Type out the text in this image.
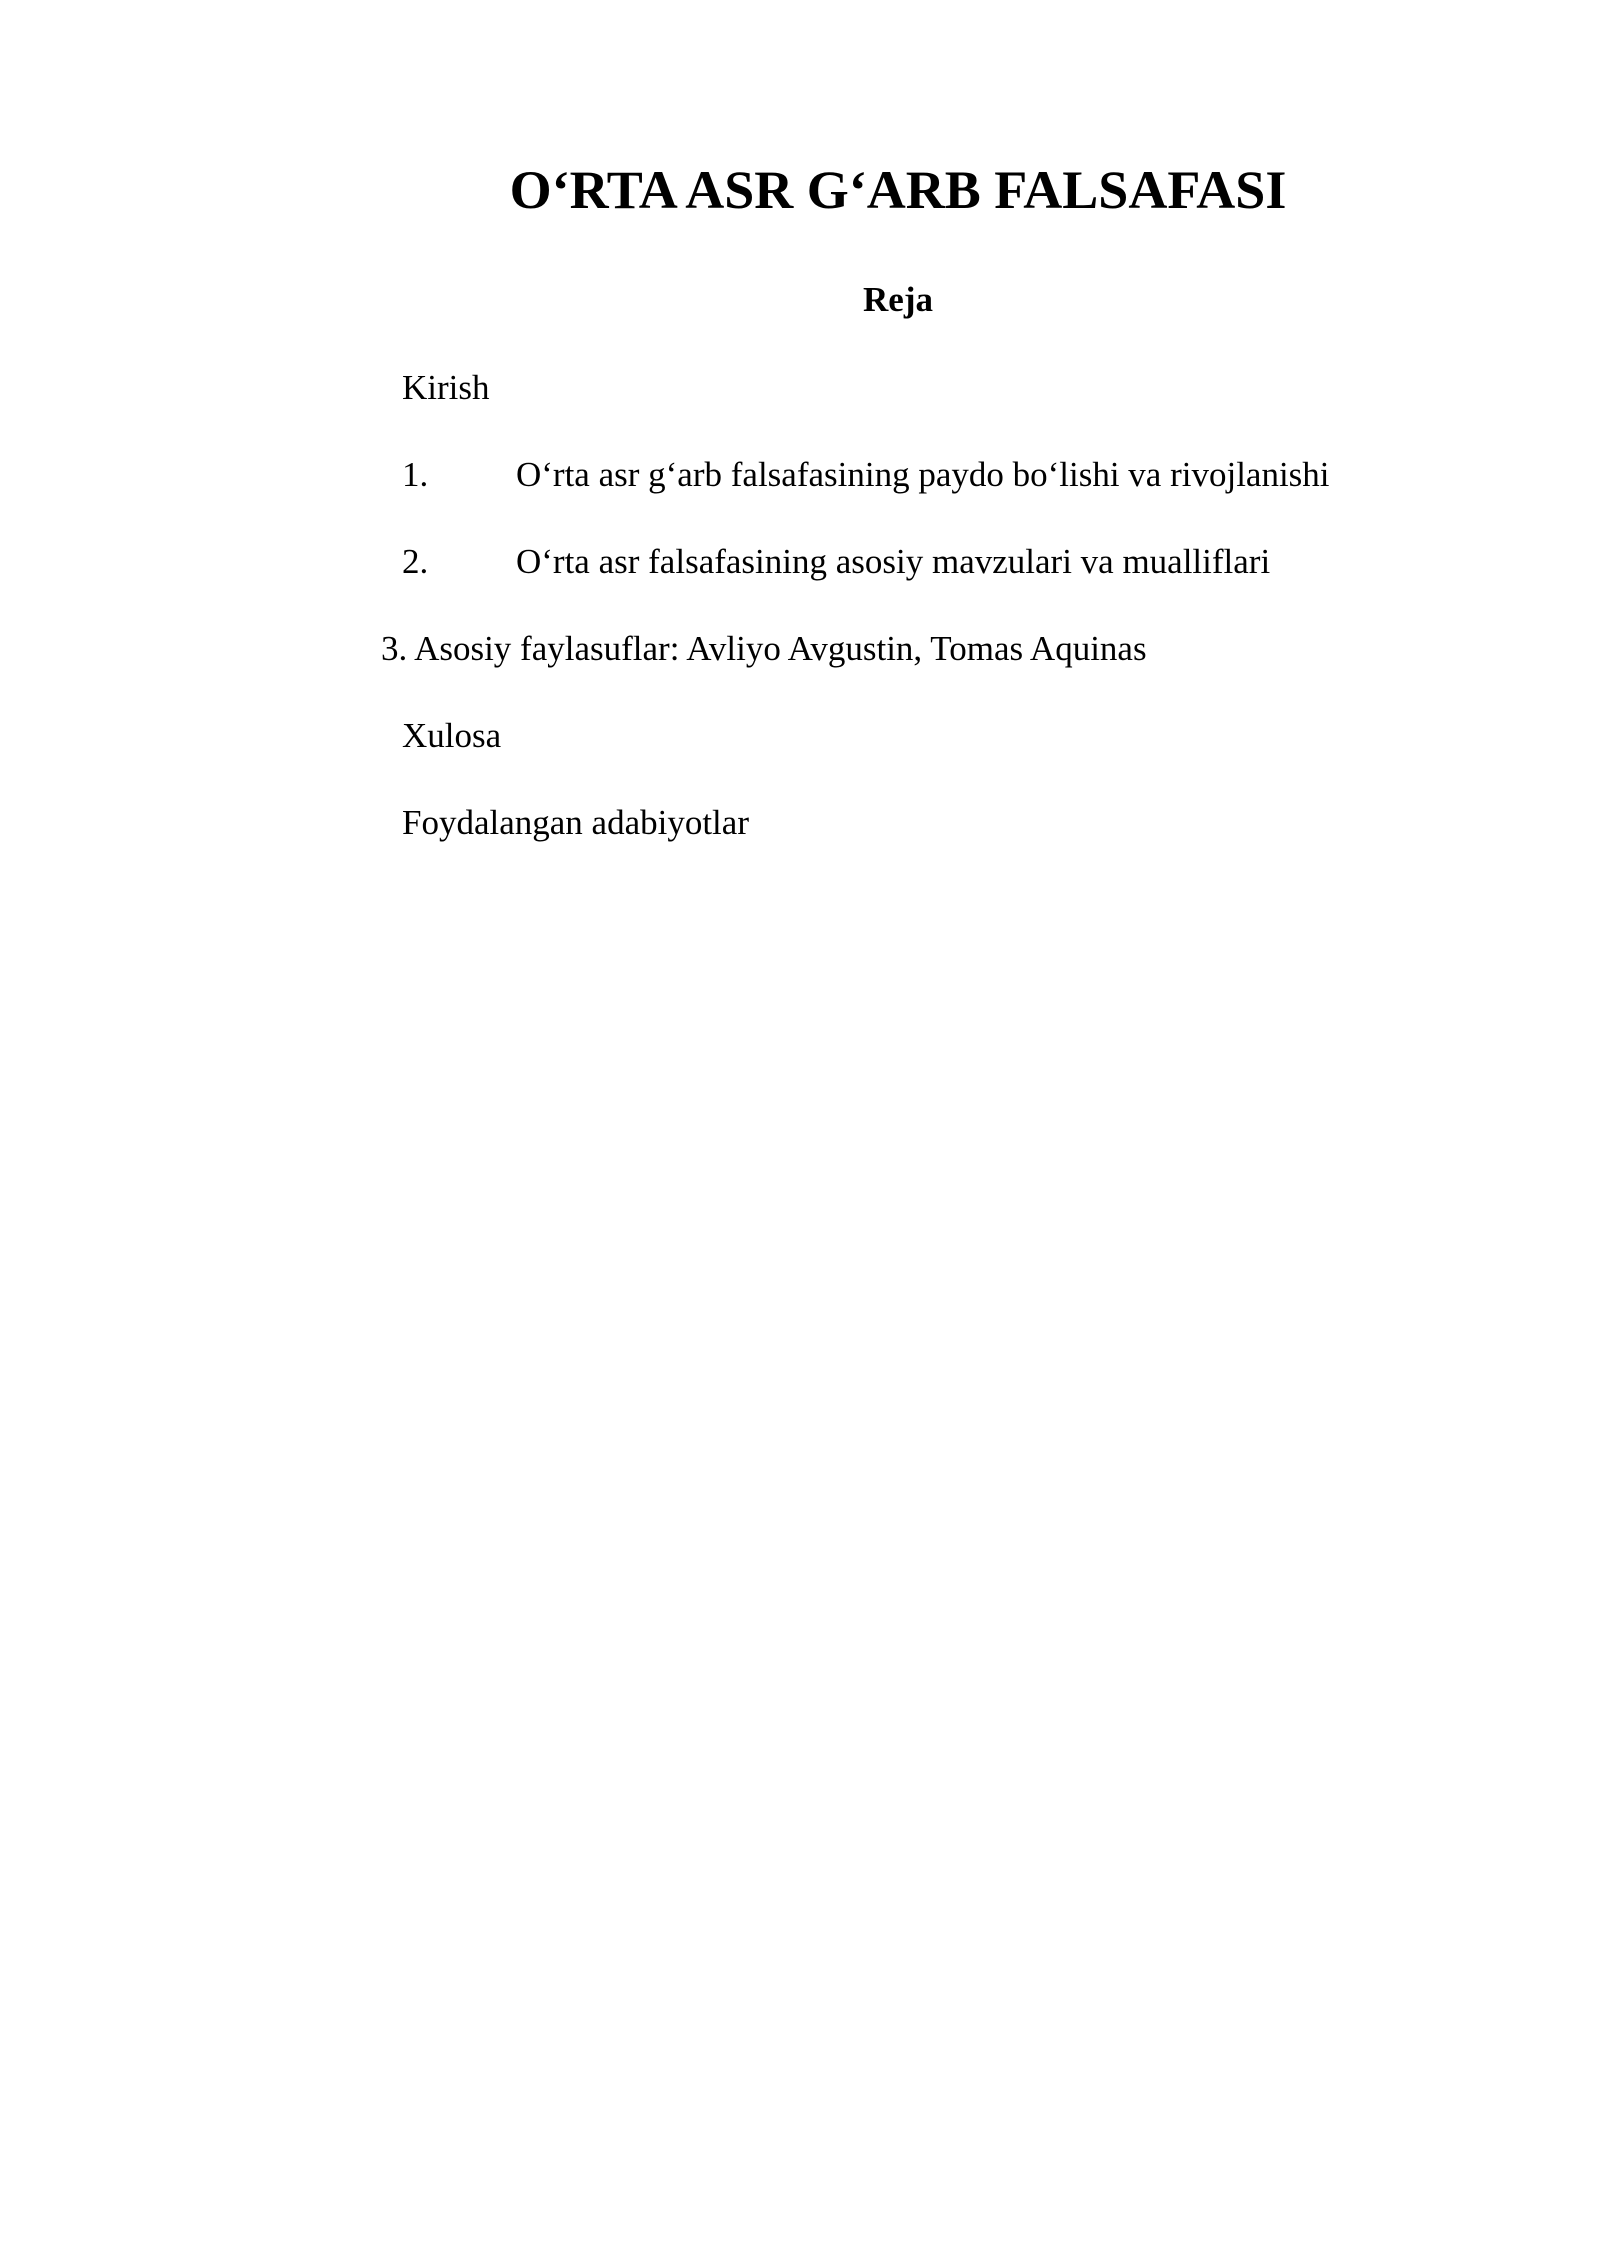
O‘RTA ASR G‘ARB FALSAFASI
Reja
Kirish
1.	O‘rta asr g‘arb falsafasining paydo bo‘lishi va rivojlanishi
2.	O‘rta asr falsafasining asosiy mavzulari va mualliflari
3. Asosiy faylasuflar: Avliyo Avgustin, Tomas Aquinas
Xulosa
Foydalangan adabiyotlar
